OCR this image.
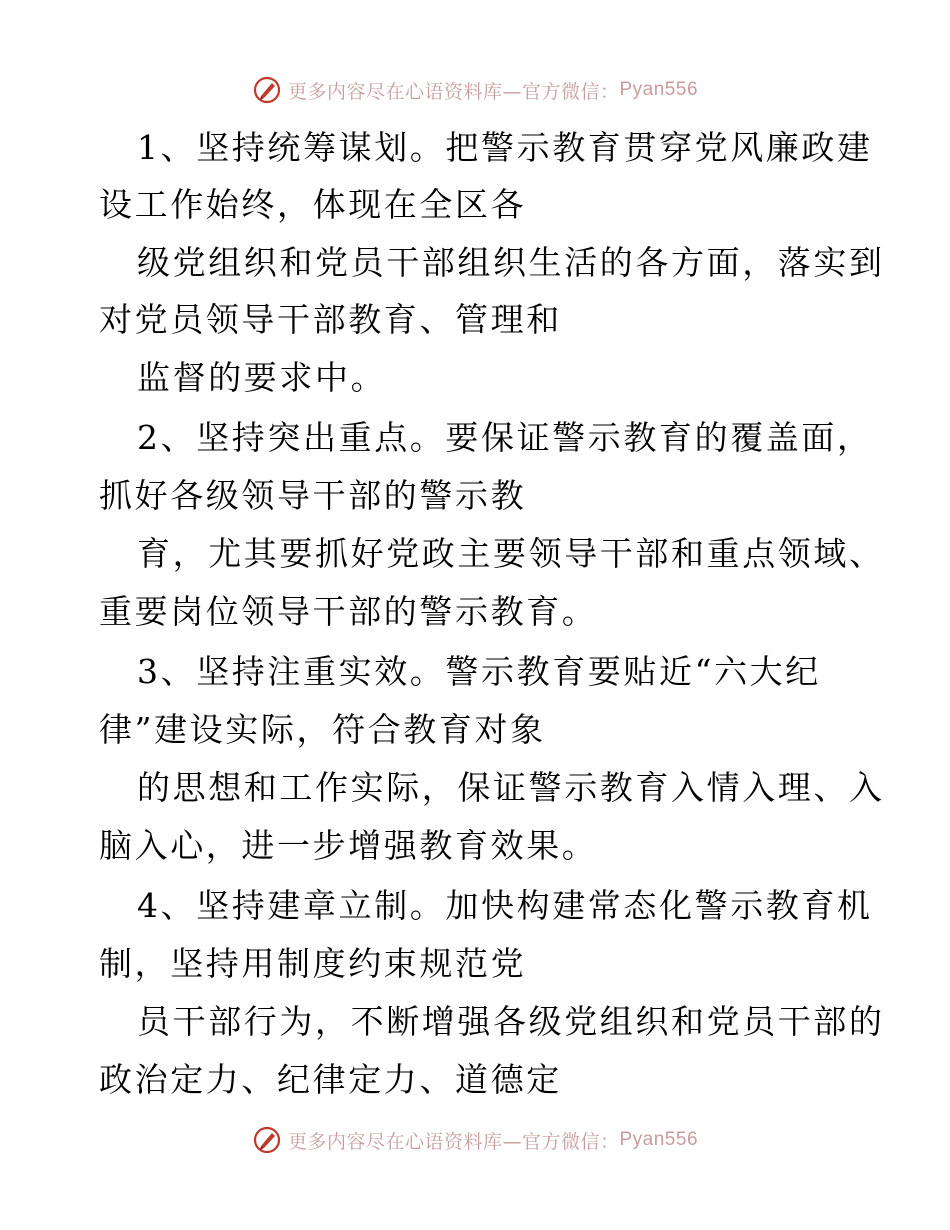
更多内容尽在心语资料库—官方微信： Pyan556
1、坚持统筹谋划。把警示教育贯穿党风廉政建
设工作始终，体现在全区各
级党组织和党员干部组织生活的各方面，落实到
对党员领导干部教育、管理和
监督的要求中。
2、坚持突出重点。要保证警示教育的覆盖面，
抓好各级领导干部的警示教
育，尤其要抓好党政主要领导干部和重点领域、
重要岗位领导干部的警示教育。
3、坚持注重实效。警示教育要贴近“六大纪
律”建设实际，符合教育对象
的思想和工作实际，保证警示教育入情入理、入
脑入心，进一步增强教育效果。
4、坚持建章立制。加快构建常态化警示教育机
制，坚持用制度约束规范党
员干部行为，不断增强各级党组织和党员干部的
政治定力、纪律定力、道德定
更多内容尽在心语资料库—官方微信： Pyan556
